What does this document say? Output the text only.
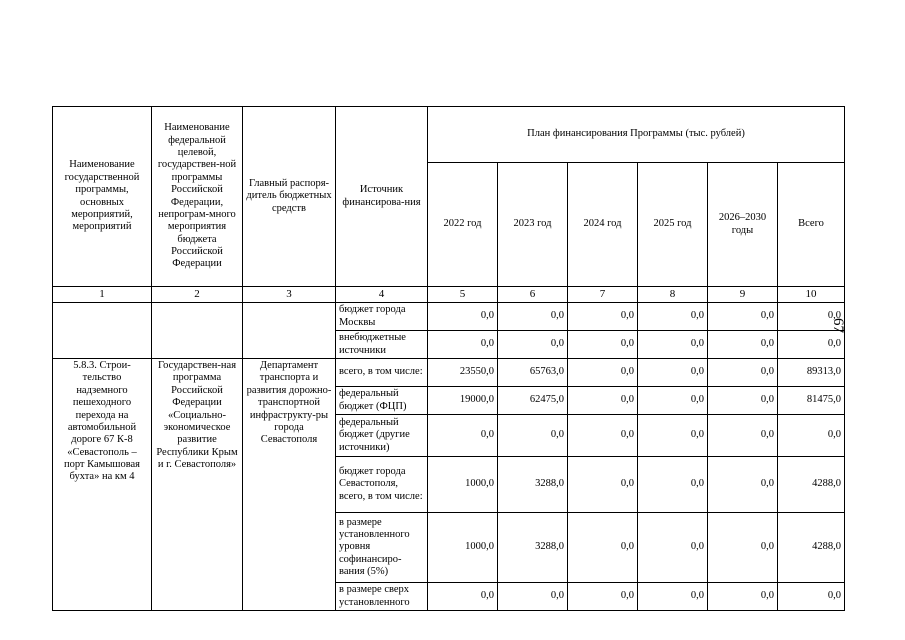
67
Наименование государственной программы, основных мероприятий, мероприятий	Наименование федеральной целевой, государствен-ной программы Российской Федерации, непрограм-много мероприятия бюджета Российской Федерации	Главный распоря-дитель бюджетных средств	Источник финансирова-ния	План финансирования Программы (тыс. рублей)					
				2022 год	2023 год	2024 год	2025 год	2026–2030 годы	Всего
1	2	3	4	5	6	7	8	9	10
			бюджет города Москвы	0,0	0,0	0,0	0,0	0,0	0,0
			внебюджетные источники	0,0	0,0	0,0	0,0	0,0	0,0
5.8.3. Строи-тельство надземного пешеходного перехода на автомобильной дороге 67 К-8 «Севастополь – порт Камышовая бухта» на км 4	Государствен-ная программа Российской Федерации «Социально-экономическое развитие Республики Крым и г. Севастополя»	Департамент транспорта и развития дорожно-транспортной инфраструкту-ры города Севастополя	всего, в том числе:	23550,0	65763,0	0,0	0,0	0,0	89313,0
			федеральный бюджет (ФЦП)	19000,0	62475,0	0,0	0,0	0,0	81475,0
			федеральный бюджет (другие источники)	0,0	0,0	0,0	0,0	0,0	0,0
			бюджет города Севастополя, всего, в том числе:	1000,0	3288,0	0,0	0,0	0,0	4288,0
			в размере установленного уровня софинансиро-вания (5%)	1000,0	3288,0	0,0	0,0	0,0	4288,0
			в размере сверх установленного	0,0	0,0	0,0	0,0	0,0	0,0
